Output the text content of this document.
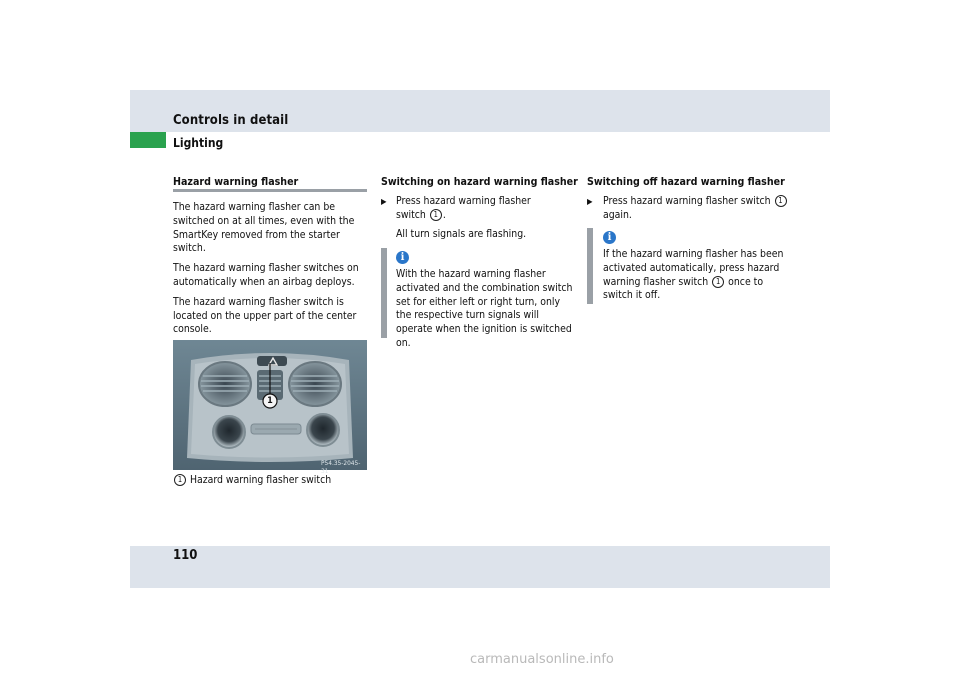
Controls in detail
Lighting
Hazard warning flasher

The hazard warning flasher can be switched on at all times, even with the SmartKey removed from the starter switch.

The hazard warning flasher switches on automatically when an airbag deploys.

The hazard warning flasher switch is located on the upper part of the center console.

1
P54.35-2045-31
1 Hazard warning flasher switch
Switching on hazard warning flasher
▶ Press hazard warning flasher
switch 1 .
All turn signals are flashing.
i
With the hazard warning flasher activated and the combination switch set for either left or right turn, only the respective turn signals will operate when the ignition is switched on.
Switching off hazard warning flasher
▶	Press hazard warning flasher switch 1
again.
i
If the hazard warning flasher has been activated automatically, press hazard warning flasher switch 1 once to switch it off.
110
carmanualsonline.info
